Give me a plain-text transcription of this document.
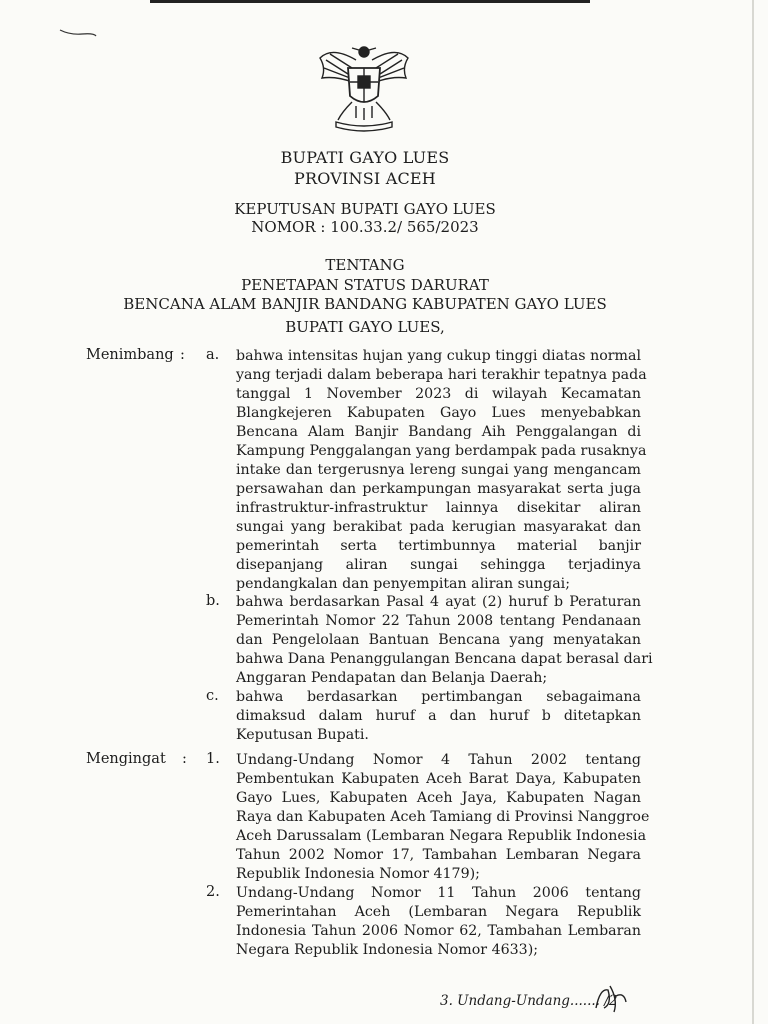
BUPATI GAYO LUES
PROVINSI ACEH
KEPUTUSAN BUPATI GAYO LUES
NOMOR : 100.33.2/ 565/2023
TENTANG
PENETAPAN STATUS DARURAT
BENCANA ALAM BANJIR BANDANG KABUPATEN GAYO LUES
BUPATI GAYO LUES,
Menimbang : a. bahwa intensitas hujan yang cukup tinggi diatas normal
yang terjadi dalam beberapa hari terakhir tepatnya pada
tanggal 1 November 2023 di wilayah Kecamatan
Blangkejeren Kabupaten Gayo Lues menyebabkan
Bencana Alam Banjir Bandang Aih Penggalangan di
Kampung Penggalangan yang berdampak pada rusaknya
intake dan tergerusnya lereng sungai yang mengancam
persawahan dan perkampungan masyarakat serta juga
infrastruktur-infrastruktur lainnya disekitar aliran
sungai yang berakibat pada kerugian masyarakat dan
pemerintah serta tertimbunnya material banjir
disepanjang aliran sungai sehingga terjadinya
pendangkalan dan penyempitan aliran sungai;
b. bahwa berdasarkan Pasal 4 ayat (2) huruf b Peraturan
Pemerintah Nomor 22 Tahun 2008 tentang Pendanaan
dan Pengelolaan Bantuan Bencana yang menyatakan
bahwa Dana Penanggulangan Bencana dapat berasal dari
Anggaran Pendapatan dan Belanja Daerah;
c. bahwa berdasarkan pertimbangan sebagaimana
dimaksud dalam huruf a dan huruf b ditetapkan
Keputusan Bupati.
Mengingat : 1. Undang-Undang Nomor 4 Tahun 2002 tentang
Pembentukan Kabupaten Aceh Barat Daya, Kabupaten
Gayo Lues, Kabupaten Aceh Jaya, Kabupaten Nagan
Raya dan Kabupaten Aceh Tamiang di Provinsi Nanggroe
Aceh Darussalam (Lembaran Negara Republik Indonesia
Tahun 2002 Nomor 17, Tambahan Lembaran Negara
Republik Indonesia Nomor 4179);
2. Undang-Undang Nomor 11 Tahun 2006 tentang
Pemerintahan Aceh (Lembaran Negara Republik
Indonesia Tahun 2006 Nomor 62, Tambahan Lembaran
Negara Republik Indonesia Nomor 4633);
3. Undang-Undang....... /2
